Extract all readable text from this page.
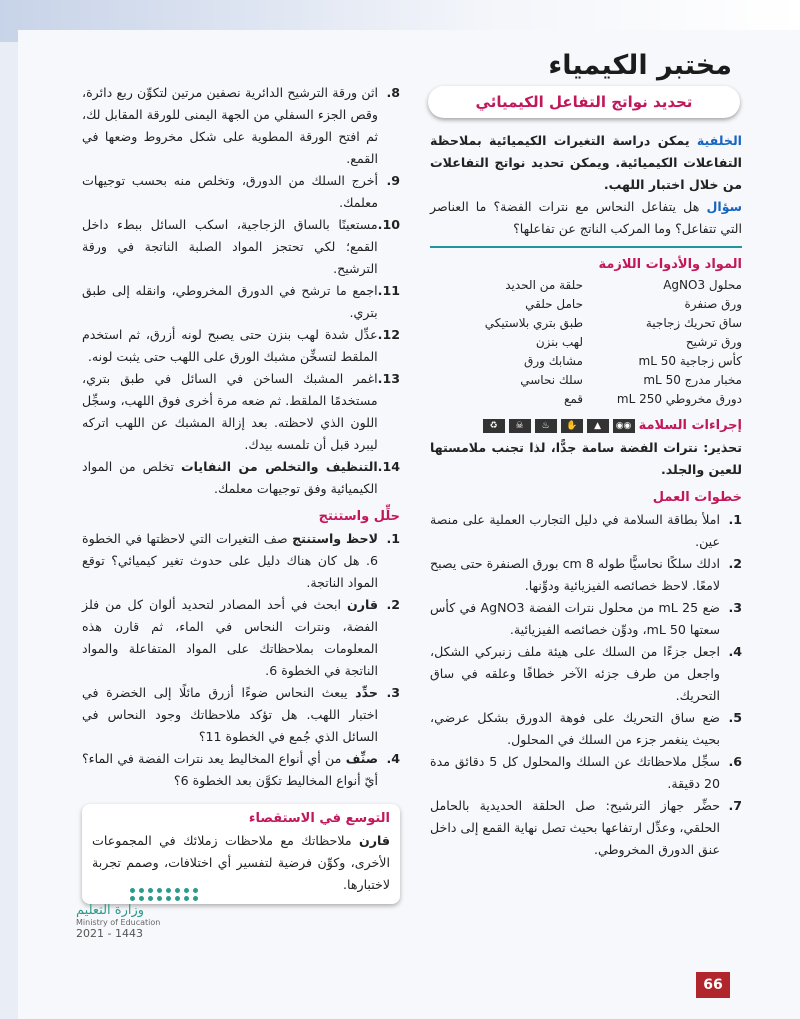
مختبر الكيمياء
تحديد نواتج التفاعل الكيميائي
الخلفية يمكن دراسة التغيرات الكيميائية بملاحظة التفاعلات الكيميائية. ويمكن تحديد نواتج التفاعلات من خلال اختبار اللهب.
سؤال هل يتفاعل النحاس مع نترات الفضة؟ ما العناصر التي تتفاعل؟ وما المركب الناتج عن تفاعلها؟
المواد والأدوات اللازمة
محلول AgNO3
حلقة من الحديد
ورق صنفرة
حامل حلقي
ساق تحريك زجاجية
طبق بتري بلاستيكي
ورق ترشيح
لهب بنزن
كأس زجاجية 50 mL
مشابك ورق
مخبار مدرج 50 mL
سلك نحاسي
دورق مخروطي 250 mL
قمع
إجراءات السلامة
◉◉
▲
✋
♨
☠
♻
تحذير: نترات الفضة سامة جدًّا، لذا تجنب ملامستها للعين والجلد.
خطوات العمل
1.
املأ بطاقة السلامة في دليل التجارب العملية على منصة عين.
2.
ادلك سلكًا نحاسيًّا طوله 8 cm بورق الصنفرة حتى يصبح لامعًا. لاحظ خصائصه الفيزيائية ودوِّنها.
3.
ضع 25 mL من محلول نترات الفضة AgNO3 في كأس سعتها 50 mL، ودوِّن خصائصه الفيزيائية.
4.
اجعل جزءًا من السلك على هيئة ملف زنبركي الشكل، واجعل من طرف جزئه الآخر خطافًا وعلقه في ساق التحريك.
5.
ضع ساق التحريك على فوهة الدورق بشكل عرضي، بحيث ينغمر جزء من السلك في المحلول.
6.
سجِّل ملاحظاتك عن السلك والمحلول كل 5 دقائق مدة 20 دقيقة.
7.
حضِّر جهاز الترشيح: صل الحلقة الحديدية بالحامل الحلقي، وعدِّل ارتفاعها بحيث تصل نهاية القمع إلى داخل عنق الدورق المخروطي.
8.
اثن ورقة الترشيح الدائرية نصفين مرتين لتكوِّن ربع دائرة، وقص الجزء السفلي من الجهة اليمنى للورقة المقابل لك، ثم افتح الورقة المطوية على شكل مخروط وضعها في القمع.
9.
أخرج السلك من الدورق، وتخلص منه بحسب توجيهات معلمك.
10.
مستعينًا بالساق الزجاجية، اسكب السائل ببطء داخل القمع؛ لكي تحتجز المواد الصلبة الناتجة في ورقة الترشيح.
11.
اجمع ما ترشح في الدورق المخروطي، وانقله إلى طبق بتري.
12.
عدِّل شدة لهب بنزن حتى يصبح لونه أزرق، ثم استخدم الملقط لتسخِّن مشبك الورق على اللهب حتى يثبت لونه.
13.
اغمر المشبك الساخن في السائل في طبق بتري، مستخدمًا الملقط. ثم ضعه مرة أخرى فوق اللهب، وسجِّل اللون الذي لاحظته. بعد إزالة المشبك عن اللهب اتركه ليبرد قبل أن تلمسه بيدك.
14.
التنظيف والتخلص من النفايات تخلص من المواد الكيميائية وفق توجيهات معلمك.
حلِّل واستنتج
1.
لاحظ واستنتج صف التغيرات التي لاحظتها في الخطوة 6. هل كان هناك دليل على حدوث تغير كيميائي؟ توقع المواد الناتجة.
2.
قارن ابحث في أحد المصادر لتحديد ألوان كل من فلز الفضة، ونترات النحاس في الماء، ثم قارن هذه المعلومات بملاحظاتك على المواد المتفاعلة والمواد الناتجة في الخطوة 6.
3.
حدِّد يبعث النحاس ضوءًا أزرق مائلًا إلى الخضرة في اختبار اللهب. هل تؤكد ملاحظاتك وجود النحاس في السائل الذي جُمع في الخطوة 11؟
4.
صنِّف من أي أنواع المخاليط يعد نترات الفضة في الماء؟ أيّ أنواع المخاليط تكوَّن بعد الخطوة 6؟
التوسع في الاستقصاء
قارن ملاحظاتك مع ملاحظات زملائك في المجموعات الأخرى، وكوِّن فرضية لتفسير أي اختلافات، وصمم تجربة لاختبارها.
وزارة التعليم
Ministry of Education
2021 - 1443
66
